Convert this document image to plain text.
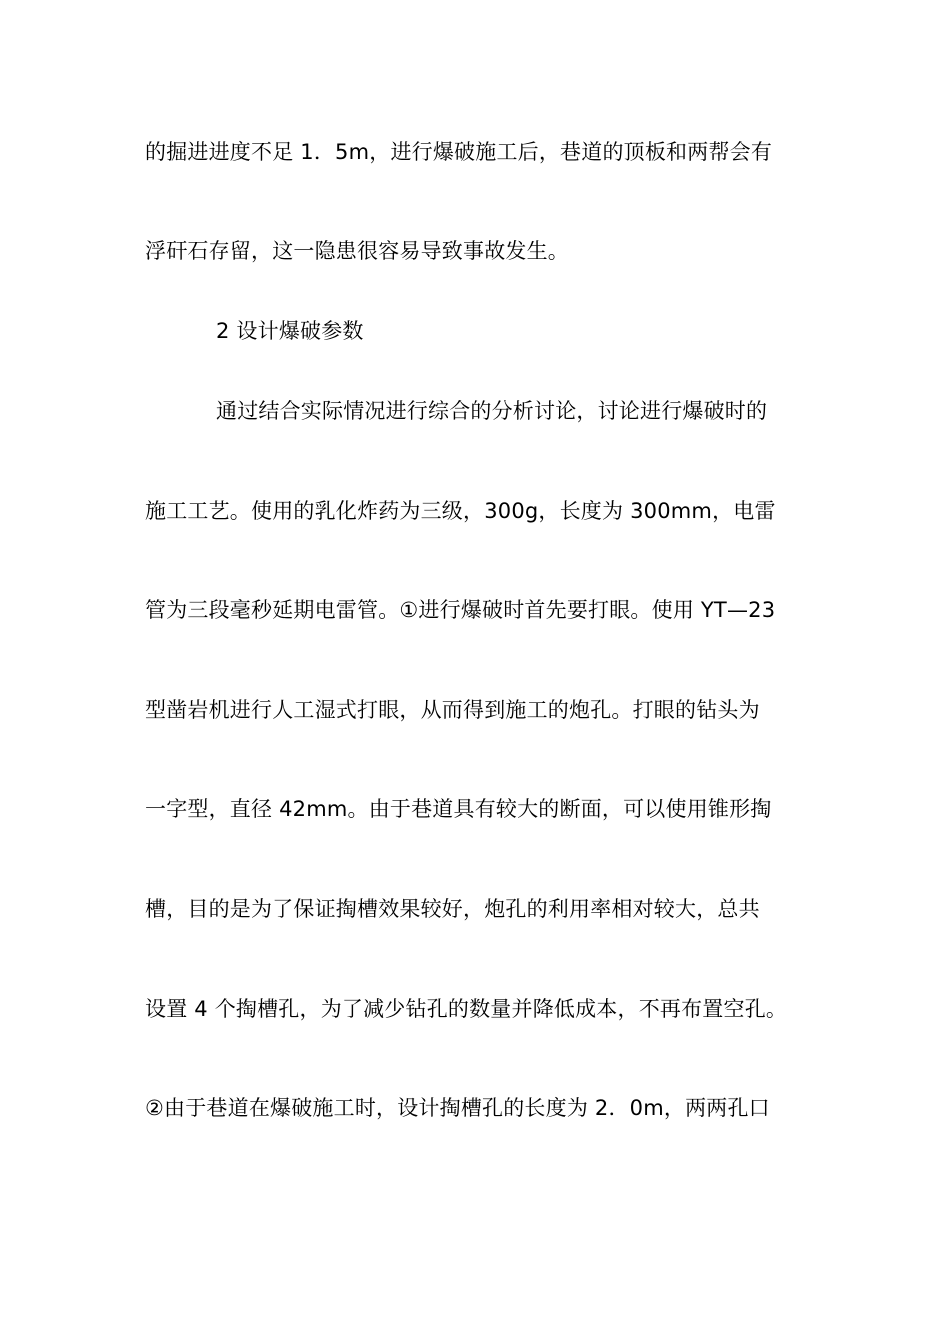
的掘进进度不足 1．5m，进行爆破施工后，巷道的顶板和两帮会有
浮矸石存留，这一隐患很容易导致事故发生。
2 设计爆破参数
通过结合实际情况进行综合的分析讨论，讨论进行爆破时的
施工工艺。使用的乳化炸药为三级，300g，长度为 300mm，电雷
管为三段毫秒延期电雷管。①进行爆破时首先要打眼。使用 YT—23
型凿岩机进行人工湿式打眼，从而得到施工的炮孔。打眼的钻头为
一字型，直径 42mm。由于巷道具有较大的断面，可以使用锥形掏
槽，目的是为了保证掏槽效果较好，炮孔的利用率相对较大，总共
设置 4 个掏槽孔，为了减少钻孔的数量并降低成本，不再布置空孔。
②由于巷道在爆破施工时，设计掏槽孔的长度为 2．0m，两两孔口
